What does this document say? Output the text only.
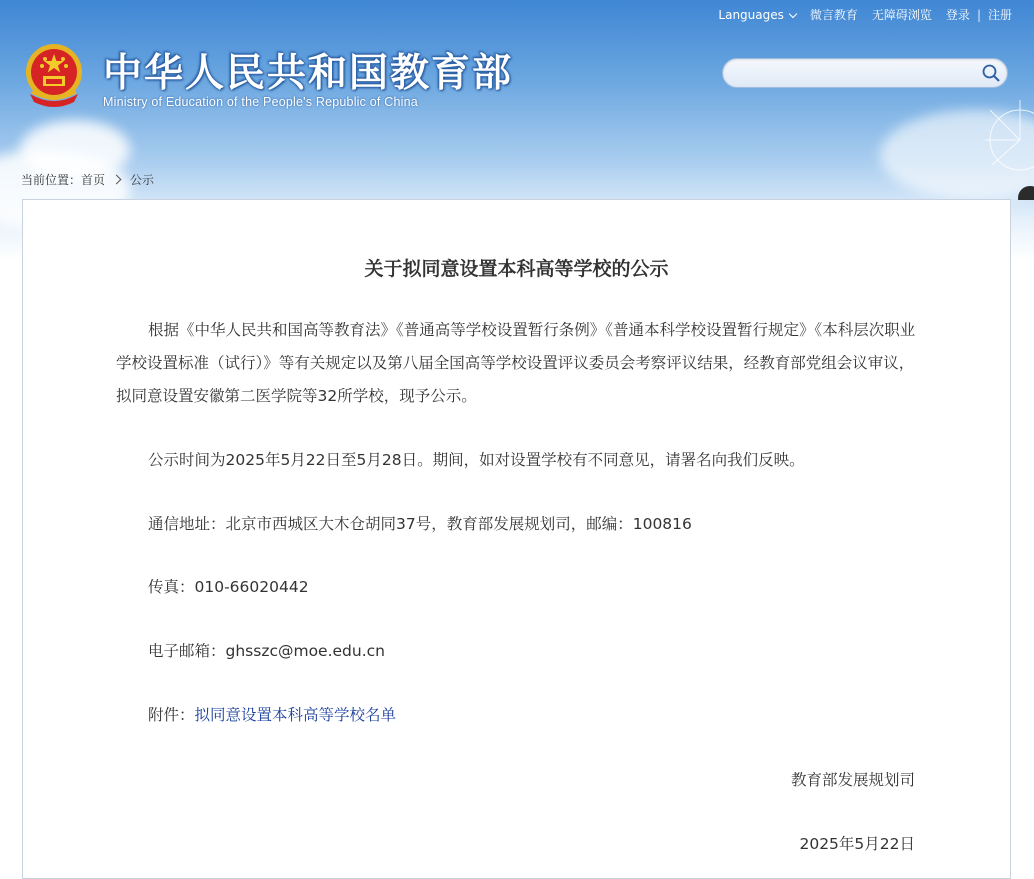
Languages	微言教育 无障碍浏览 登录 | 注册
中华人民共和国教育部
Ministry of Education of the People's Republic of China
当前位置：首页 公示
关于拟同意设置本科高等学校的公示

根据《中华人民共和国高等教育法》《普通高等学校设置暂行条例》《普通本科学校设置暂行规定》《本科层次职业学校设置标准（试行）》等有关规定以及第八届全国高等学校设置评议委员会考察评议结果，经教育部党组会议审议，拟同意设置安徽第二医学院等32所学校，现予公示。

公示时间为2025年5月22日至5月28日。期间，如对设置学校有不同意见，请署名向我们反映。

通信地址：北京市西城区大木仓胡同37号，教育部发展规划司，邮编：100816

传真：010-66020442

电子邮箱：ghsszc@moe.edu.cn

附件：拟同意设置本科高等学校名单

教育部发展规划司
2025年5月22日
